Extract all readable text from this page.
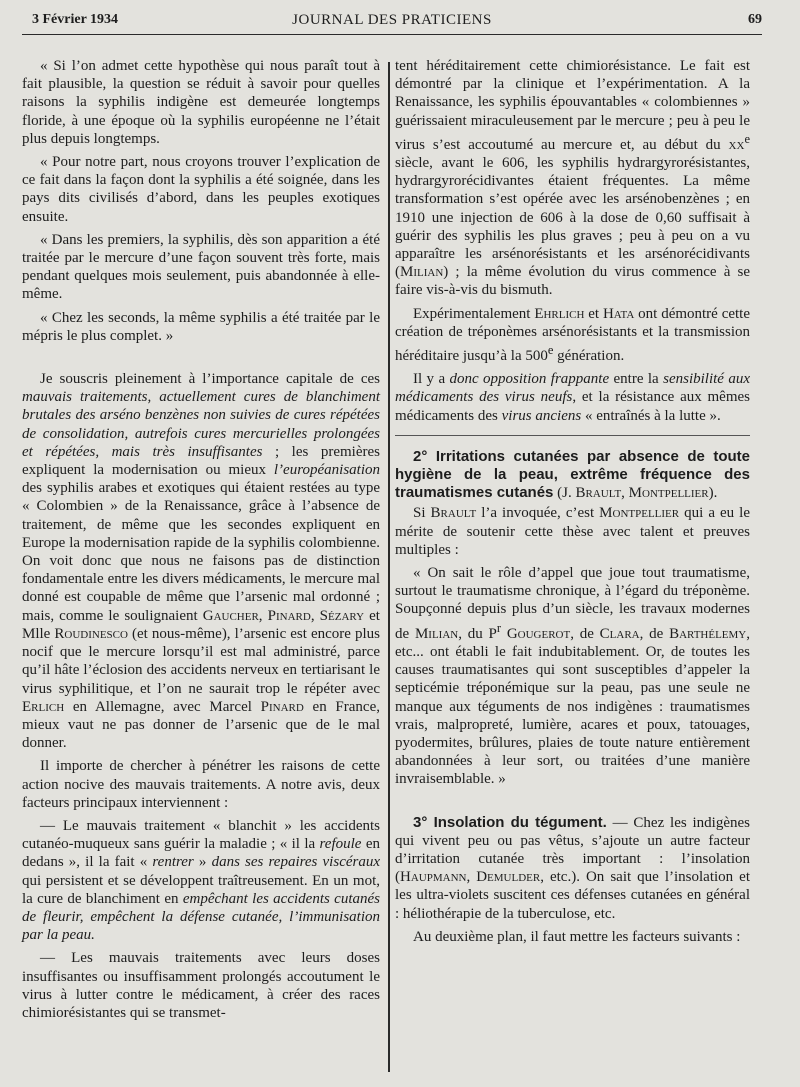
3 Février 1934	JOURNAL DES PRATICIENS	69

« Si l’on admet cette hypothèse qui nous paraît tout à fait plausible, la question se réduit à savoir pour quelles raisons la syphilis indigène est demeurée longtemps floride, à une époque où la syphilis européenne ne l’était plus depuis longtemps.

« Pour notre part, nous croyons trouver l’explication de ce fait dans la façon dont la syphilis a été soignée, dans les pays dits civilisés d’abord, dans les peuples exotiques ensuite.

« Dans les premiers, la syphilis, dès son apparition a été traitée par le mercure d’une façon souvent très forte, mais pendant quelques mois seulement, puis abandonnée à elle-même.

« Chez les seconds, la même syphilis a été traitée par le mépris le plus complet. »

Je souscris pleinement à l’importance capitale de ces mauvais traitements, actuellement cures de blanchiment brutales des arséno benzènes non suivies de cures répétées de consolidation, autrefois cures mercurielles prolongées et répétées, mais très insuffisantes ; les premières expliquent la modernisation ou mieux l’européanisation des syphilis arabes et exotiques qui étaient restées au type « Colombien » de la Renaissance, grâce à l’absence de traitement, de même que les secondes expliquent en Europe la modernisation rapide de la syphilis colombienne. On voit donc que nous ne faisons pas de distinction fondamentale entre les divers médicaments, le mercure mal donné est coupable de même que l’arsenic mal ordonné ; mais, comme le soulignaient Gaucher, Pinard, Sézary et Mlle Roudinesco (et nous-même), l’arsenic est encore plus nocif que le mercure lorsqu’il est mal administré, parce qu’il hâte l’éclosion des accidents nerveux en tertiarisant le virus syphilitique, et l’on ne saurait trop le répéter avec Erlich en Allemagne, avec Marcel Pinard en France, mieux vaut ne pas donner de l’arsenic que de le mal donner.

Il importe de chercher à pénétrer les raisons de cette action nocive des mauvais traitements. A notre avis, deux facteurs principaux interviennent :

— Le mauvais traitement « blanchit » les accidents cutanéo-muqueux sans guérir la maladie ; « il la refoule en dedans », il la fait « rentrer » dans ses repaires viscéraux qui persistent et se développent traîtreusement. En un mot, la cure de blanchiment en empêchant les accidents cutanés de fleurir, empêchent la défense cutanée, l’immunisation par la peau.

— Les mauvais traitements avec leurs doses insuffisantes ou insuffisamment prolongés accoutument le virus à lutter contre le médicament, à créer des races chimiorésistantes qui se transmet-

tent héréditairement cette chimiorésistance. Le fait est démontré par la clinique et l’expérimentation. A la Renaissance, les syphilis épouvantables « colombiennes » guérissaient miraculeusement par le mercure ; peu à peu le virus s’est accoutumé au mercure et, au début du $xx^e$ siècle, avant le 606, les syphilis hydrargyrorésistantes, hydrargyrorécidivantes étaient fréquentes. La même transformation s’est opérée avec les arsénobenzènes ; en 1910 une injection de 606 à la dose de 0,60 suffisait à guérir des syphilis les plus graves ; peu à peu on a vu apparaître les arsénorésistants et les arsénorécidivants (Milian) ; la même évolution du virus commence à se faire vis-à-vis du bismuth.

Expérimentalement Ehrlich et Hata ont démontré cette création de tréponèmes arsénorésistants et la transmission héréditaire jusqu’à la 500e génération.

Il y a donc opposition frappante entre la sensibilité aux médicaments des virus neufs, et la résistance aux mêmes médicaments des virus anciens « entraînés à la lutte ».

2° Irritations cutanées par absence de toute hygiène de la peau, extrême fréquence des traumatismes cutanés (J. Brault, Montpellier).

Si Brault l’a invoquée, c’est Montpellier qui a eu le mérite de soutenir cette thèse avec talent et preuves multiples :

« On sait le rôle d’appel que joue tout traumatisme, surtout le traumatisme chronique, à l’égard du tréponème. Soupçonné depuis plus d’un siècle, les travaux modernes de Milian, du $P^r$ Gougerot, de Clara, de Barthélemy, etc... ont établi le fait indubitablement. Or, de toutes les causes traumatisantes qui sont susceptibles d’appeler la septicémie tréponémique sur la peau, pas une seule ne manque aux téguments de nos indigènes : traumatismes vrais, malpropreté, lumière, acares et poux, tatouages, pyodermites, brûlures, plaies de toute nature entièrement abandonnées à leur sort, ou traitées d’une manière invraisemblable. »

3° Insolation du tégument. — Chez les indigènes qui vivent peu ou pas vêtus, s’ajoute un autre facteur d’irritation cutanée très important : l’insolation (Haupmann, Demulder, etc.). On sait que l’insolation et les ultra-violets suscitent ces défenses cutanées en général : héliothérapie de la tuberculose, etc.

Au deuxième plan, il faut mettre les facteurs suivants :
